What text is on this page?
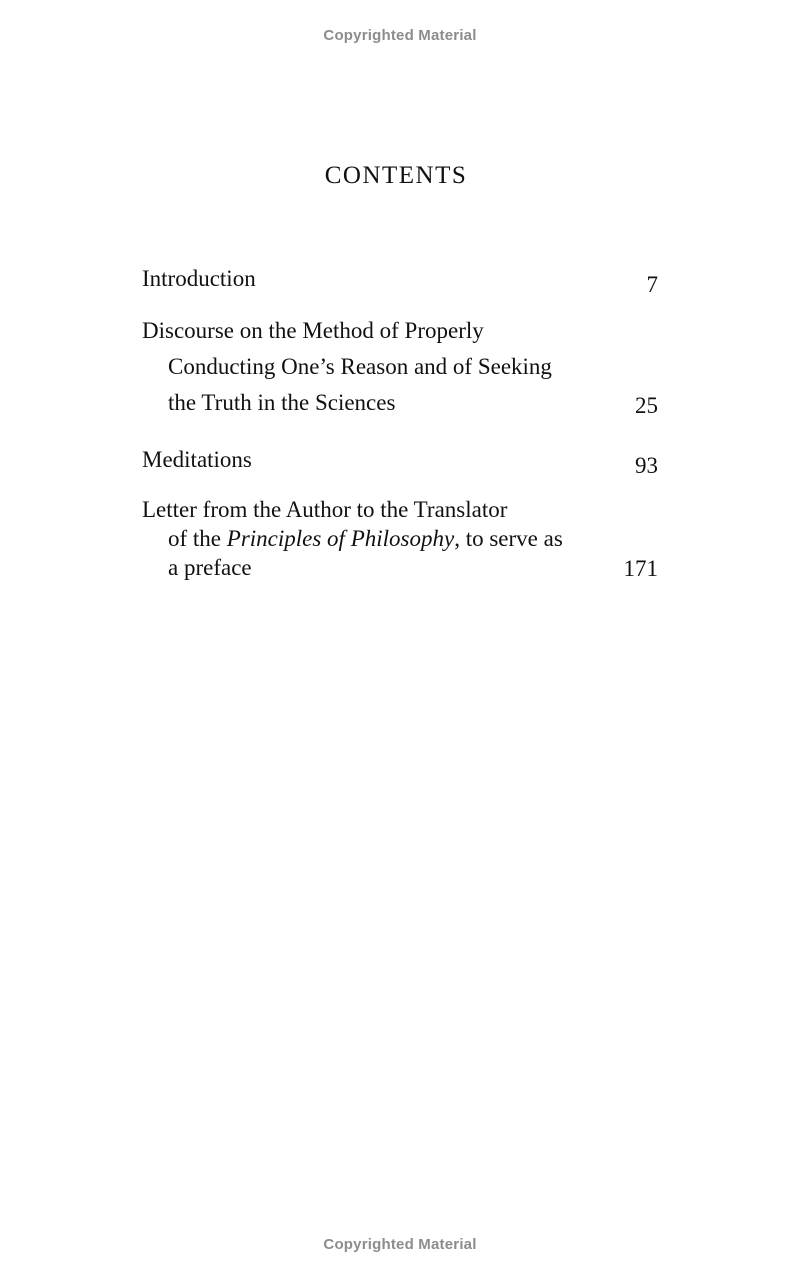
Copyrighted Material
CONTENTS
Introduction	7
Discourse on the Method of Properly
Conducting One’s Reason and of Seeking
the Truth in the Sciences	25
Meditations	93
Letter from the Author to the Translator
of the Principles of Philosophy, to serve as
a preface	171
Copyrighted Material
